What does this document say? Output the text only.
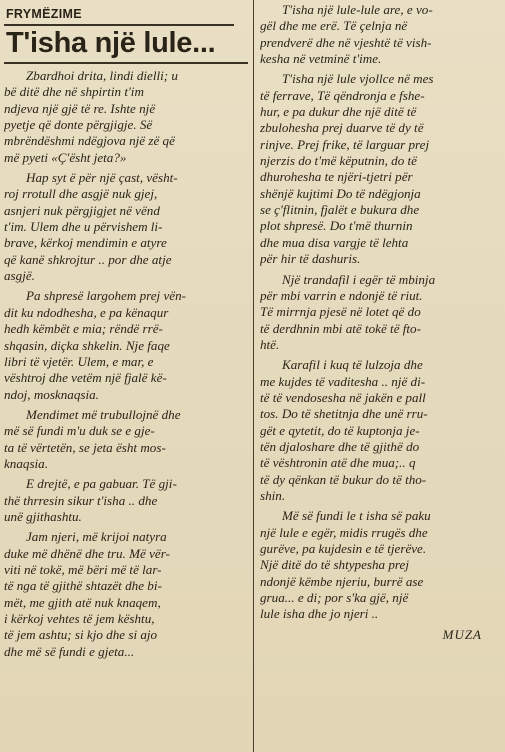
FRYMËZIME
T'isha një lule...
Zbardhoi drita, lindi dielli; u
bë ditë dhe në shpirtin t'im
ndjeva një gjë të re. Ishte një
pyetje që donte përgjigje. Së
mbrëndëshmi ndëgjova një zë që
më pyeti «Ç'ësht jeta?»
Hap syt ë për një çast, vësht-
roj rrotull dhe asgjë nuk gjej,
asnjeri nuk përgjigjet në vënd
t'im. Ulem dhe u përvishem li-
brave, kërkoj mendimin e atyre
që kanë shkrojtur .. por dhe atje
asgjë.
Pa shpresë largohem prej vën-
dit ku ndodhesha, e pa kënaqur
hedh këmbët e mia; rëndë rrë-
shqasin, diçka shkelin. Nje faqe
libri të vjetër. Ulem, e mar, e
vështroj dhe vetëm një fjalë kë-
ndoj, mosknaqsia.
Mendimet më trubullojnë dhe
më së fundi m'u duk se e gje-
ta të vërtetën, se jeta ësht mos-
knaqsia.
E drejtë, e pa gabuar. Të gji-
thë thrresin sikur t'isha .. dhe
unë gjithashtu.
Jam njeri, më krijoi natyra
duke më dhënë dhe tru. Më vër-
viti në tokë, më bëri më të lar-
të nga të gjithë shtazët dhe bi-
mët, me gjith atë nuk knaqem,
i kërkoj vehtes të jem kështu,
të jem ashtu; si kjo dhe si ajo
dhe më së fundi e gjeta...
T'isha një lule-lule are, e vo-
gël dhe me erë. Të çelnja në
prendverë dhe në vjeshtë të vish-
kesha në vetminë t'ime.
T'isha një lule vjollce në mes
të ferrave, Të qëndronja e fshe-
hur, e pa dukur dhe një ditë të
zbulohesha prej duarve të dy të
rinjve. Prej frike, të larguar prej
njerzis do t'më këputnin, do të
dhurohesha te njëri-tjetri për
shënjë kujtimi Do të ndëgjonja
se ç'flitnin, fjalët e bukura dhe
plot shpresë. Do t'më thurnin
dhe mua disa vargje të lehta
për hir të dashuris.
Një trandafil i egër të mbinja
për mbi varrin e ndonjë të riut.
Të mirrnja pjesë në lotet që do
të derdhnin mbi atë tokë të fto-
htë.
Karafil i kuq të lulzoja dhe
me kujdes të vaditesha .. një di-
të të vendosesha në jakën e pall
tos. Do të shetitnja dhe unë rru-
gët e qytetit, do të kuptonja je-
tën djaloshare dhe të gjithë do
të vështronin atë dhe mua;.. q
të dy qënkan të bukur do të tho-
shin.
Më së fundi le t isha së paku
një lule e egër, midis rrugës dhe
gurëve, pa kujdesin e të tjerëve.
Një ditë do të shtypesha prej
ndonjë këmbe njeriu, burrë ase
grua... e di; por s'ka gjë, një
lule isha dhe jo njeri ..
MUZA
